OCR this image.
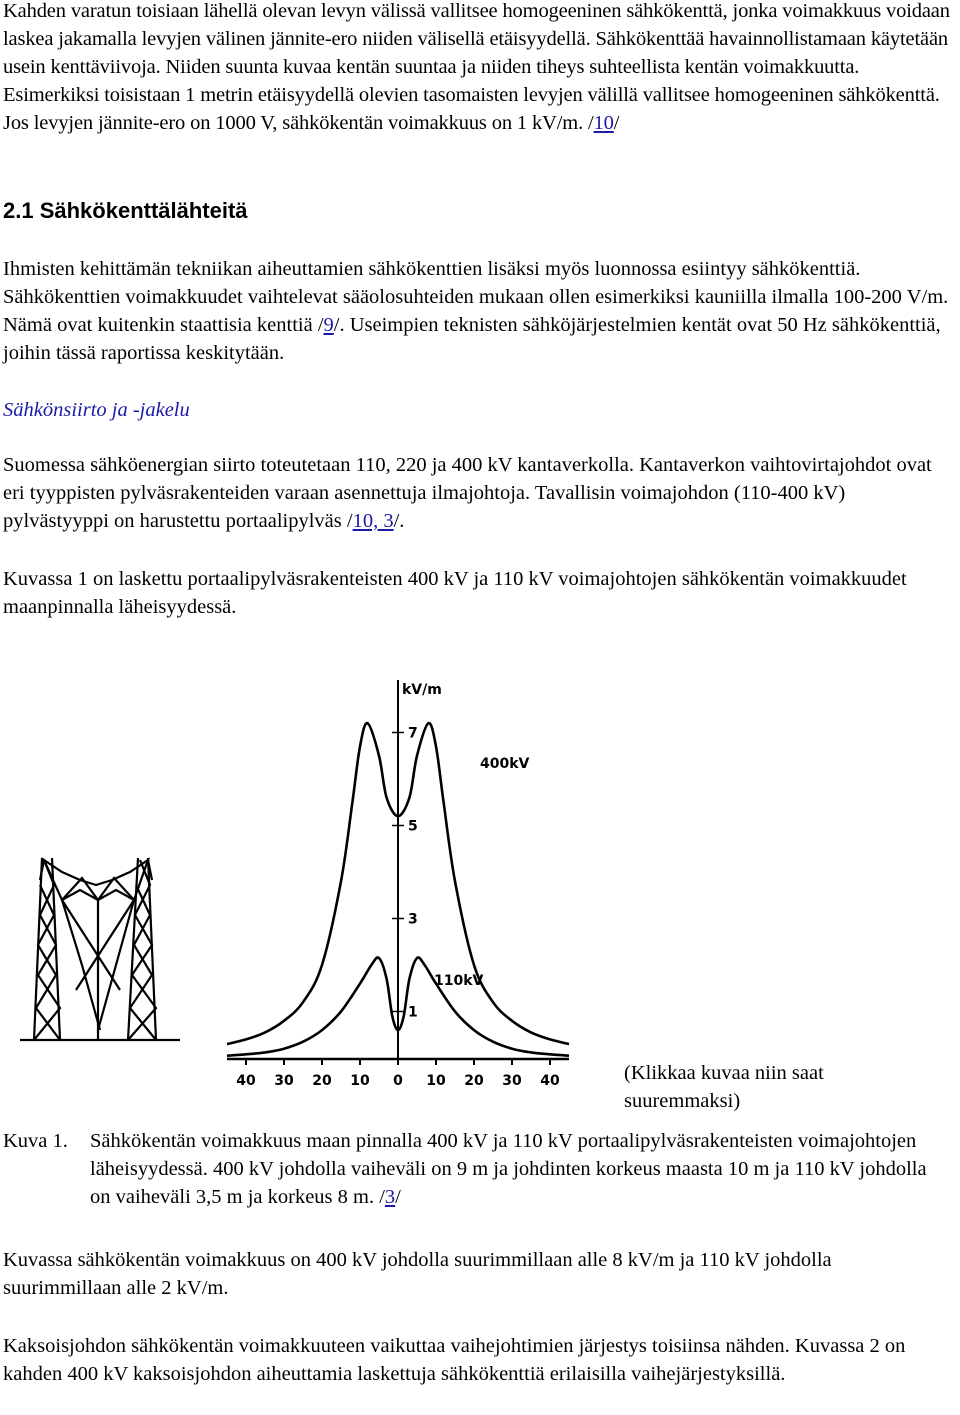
Kahden varatun toisiaan lähellä olevan levyn välissä vallitsee homogeeninen sähkökenttä, jonka voimakkuus voidaan laskea jakamalla levyjen välinen jännite-ero niiden välisellä etäisyydellä. Sähkökenttää havainnollistamaan käytetään usein kenttäviivoja. Niiden suunta kuvaa kentän suuntaa ja niiden tiheys suhteellista kentän voimakkuutta. Esimerkiksi toisistaan 1 metrin etäisyydellä olevien tasomaisten levyjen välillä vallitsee homogeeninen sähkökenttä. Jos levyjen jännite-ero on 1000 V, sähkökentän voimakkuus on 1 kV/m. /10/

2.1 Sähkökenttälähteitä

Ihmisten kehittämän tekniikan aiheuttamien sähkökenttien lisäksi myös luonnossa esiintyy sähkökenttiä. Sähkökenttien voimakkuudet vaihtelevat sääolosuhteiden mukaan ollen esimerkiksi kauniilla ilmalla 100-200 V/m. Nämä ovat kuitenkin staattisia kenttiä /9/. Useimpien teknisten sähköjärjestelmien kentät ovat 50 Hz sähkökenttiä, joihin tässä raportissa keskitytään.

Sähkönsiirto ja -jakelu

Suomessa sähköenergian siirto toteutetaan 110, 220 ja 400 kV kantaverkolla. Kantaverkon vaihtovirtajohdot ovat eri tyyppisten pylväsrakenteiden varaan asennettuja ilmajohtoja. Tavallisin voimajohdon (110-400 kV) pylvästyyppi on harustettu portaalipylväs /10, 3/.

Kuvassa 1 on laskettu portaalipylväsrakenteisten 400 kV ja 110 kV voimajohtojen sähkökentän voimakkuudet maanpinnalla läheisyydessä.

40 30 20 10 0 10 20 30 40
7
5
3
1
kV/m
400kV
110kV
(Klikkaa kuvaa niin saat suuremmaksi)
Kuva 1. Sähkökentän voimakkuus maan pinnalla 400 kV ja 110 kV portaalipylväsrakenteisten voimajohtojen läheisyydessä. 400 kV johdolla vaiheväli on 9 m ja johdinten korkeus maasta 10 m ja 110 kV johdolla on vaiheväli 3,5 m ja korkeus 8 m. /3/

Kuvassa sähkökentän voimakkuus on 400 kV johdolla suurimmillaan alle 8 kV/m ja 110 kV johdolla suurimmillaan alle 2 kV/m.

Kaksoisjohdon sähkökentän voimakkuuteen vaikuttaa vaihejohtimien järjestys toisiinsa nähden. Kuvassa 2 on kahden 400 kV kaksoisjohdon aiheuttamia laskettuja sähkökenttiä erilaisilla vaihejärjestyksillä.
